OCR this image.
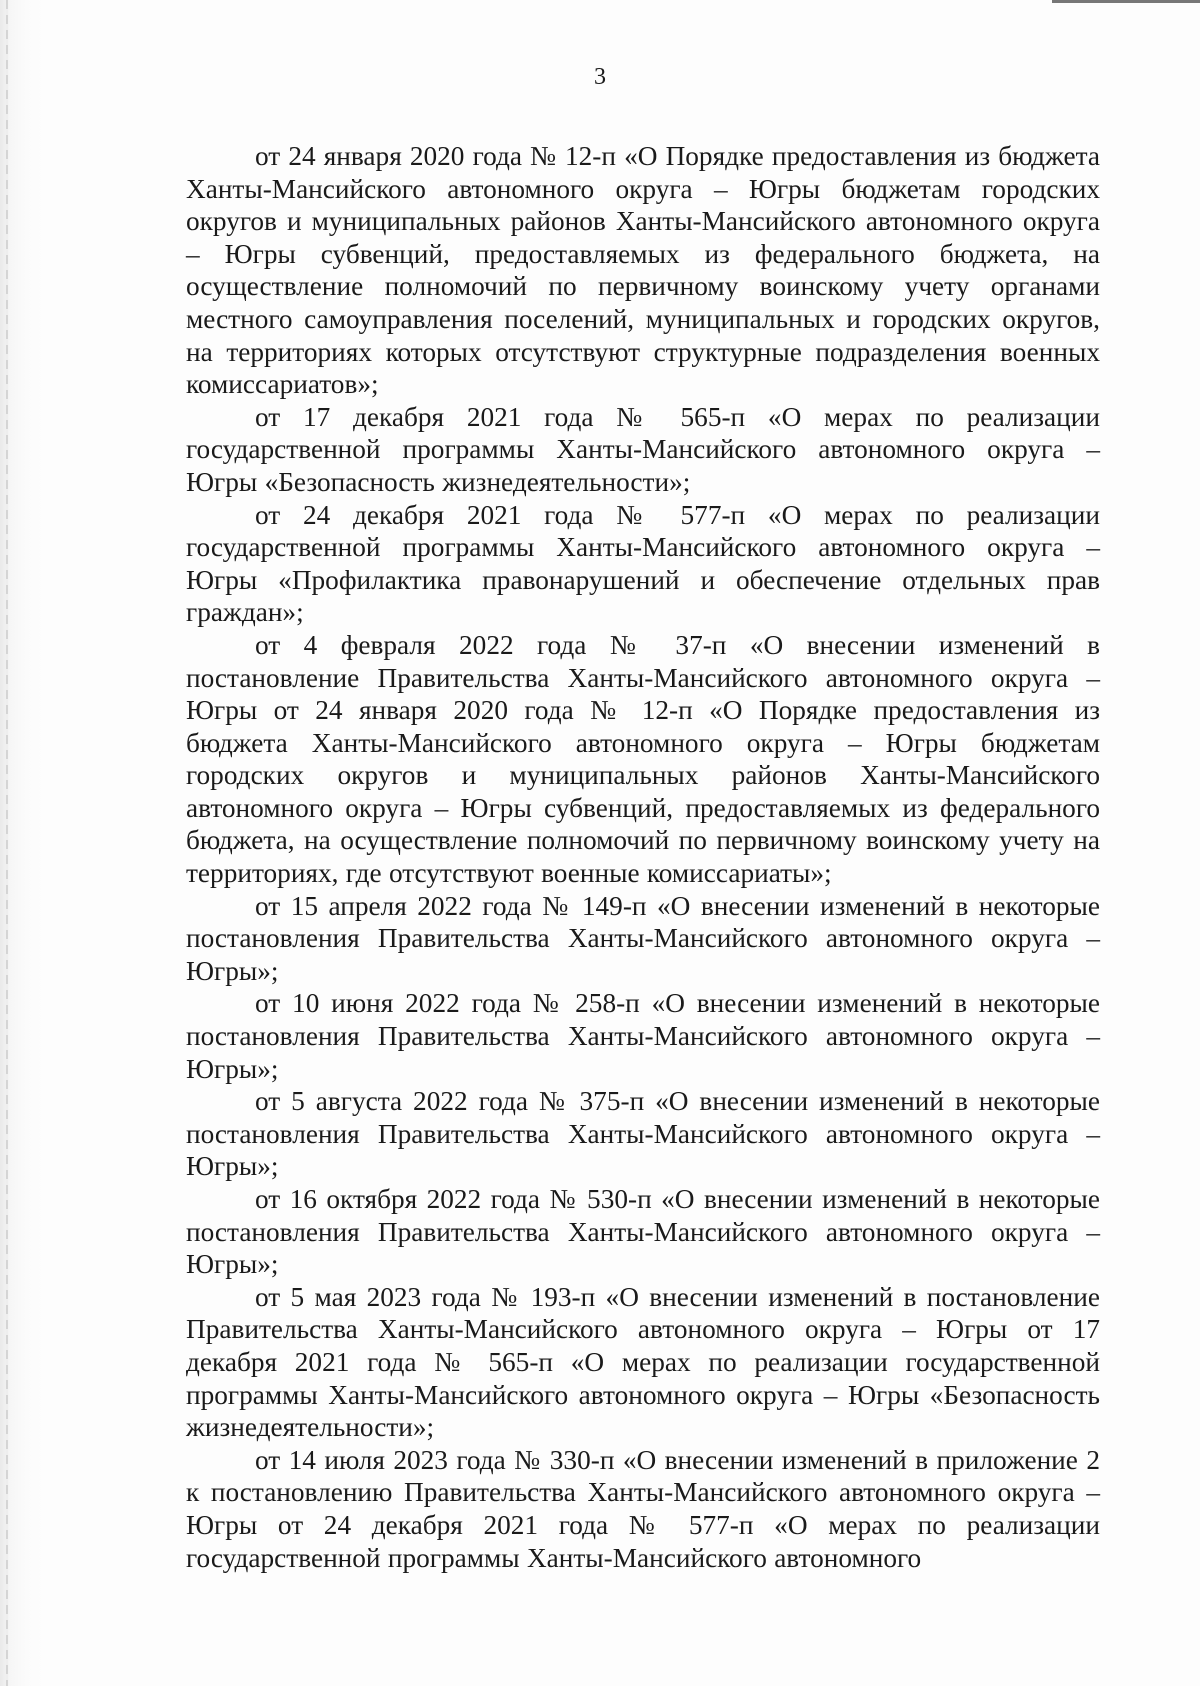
3

от 24 января 2020 года № 12-п «О Порядке предоставления из бюджета Ханты-Мансийского автономного округа – Югры бюджетам городских округов и муниципальных районов Ханты-Мансийского автономного округа – Югры субвенций, предоставляемых из федерального бюджета, на осуществление полномочий по первичному воинскому учету органами местного самоуправления поселений, муниципальных и городских округов, на территориях которых отсутствуют структурные подразделения военных комиссариатов»;

от 17 декабря 2021 года № 565-п «О мерах по реализации государственной программы Ханты-Мансийского автономного округа – Югры «Безопасность жизнедеятельности»;

от 24 декабря 2021 года № 577-п «О мерах по реализации государственной программы Ханты-Мансийского автономного округа – Югры «Профилактика правонарушений и обеспечение отдельных прав граждан»;

от 4 февраля 2022 года № 37-п «О внесении изменений в постановление Правительства Ханты-Мансийского автономного округа – Югры от 24 января 2020 года № 12-п «О Порядке предоставления из бюджета Ханты-Мансийского автономного округа – Югры бюджетам городских округов и муниципальных районов Ханты-Мансийского автономного округа – Югры субвенций, предоставляемых из федерального бюджета, на осуществление полномочий по первичному воинскому учету на территориях, где отсутствуют военные комиссариаты»;

от 15 апреля 2022 года № 149-п «О внесении изменений в некоторые постановления Правительства Ханты-Мансийского автономного округа – Югры»;

от 10 июня 2022 года № 258-п «О внесении изменений в некоторые постановления Правительства Ханты-Мансийского автономного округа – Югры»;

от 5 августа 2022 года № 375-п «О внесении изменений в некоторые постановления Правительства Ханты-Мансийского автономного округа – Югры»;

от 16 октября 2022 года № 530-п «О внесении изменений в некоторые постановления Правительства Ханты-Мансийского автономного округа – Югры»;

от 5 мая 2023 года № 193-п «О внесении изменений в постановление Правительства Ханты-Мансийского автономного округа – Югры от 17 декабря 2021 года № 565-п «О мерах по реализации государственной программы Ханты-Мансийского автономного округа – Югры «Безопасность жизнедеятельности»;

от 14 июля 2023 года № 330-п «О внесении изменений в приложение 2 к постановлению Правительства Ханты-Мансийского автономного округа – Югры от 24 декабря 2021 года № 577-п «О мерах по реализации государственной программы Ханты-Мансийского автономного
